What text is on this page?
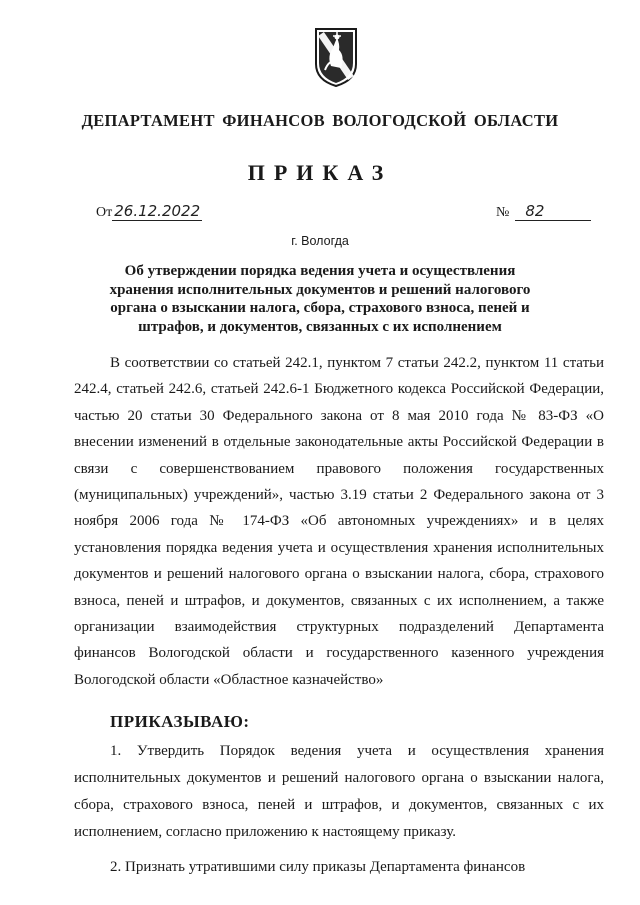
ДЕПАРТАМЕНТ ФИНАНСОВ ВОЛОГОДСКОЙ ОБЛАСТИ
ПРИКАЗ
От 26.12.2022	№	82
г. Вологда
Об утверждении порядка ведения учета и осуществления хранения исполнительных документов и решений налогового органа о взыскании налога, сбора, страхового взноса, пеней и штрафов, и документов, связанных с их исполнением

В соответствии со статьей 242.1, пунктом 7 статьи 242.2, пунктом 11 статьи 242.4, статьей 242.6, статьей 242.6-1 Бюджетного кодекса Российской Федерации, частью 20 статьи 30 Федерального закона от 8 мая 2010 года № 83-ФЗ «О внесении изменений в отдельные законодательные акты Российской Федерации в связи с совершенствованием правового положения государственных (муниципальных) учреждений», частью 3.19 статьи 2 Федерального закона от 3 ноября 2006 года № 174-ФЗ «Об автономных учреждениях» и в целях установления порядка ведения учета и осуществления хранения исполнительных документов и решений налогового органа о взыскании налога, сбора, страхового взноса, пеней и штрафов, и документов, связанных с их исполнением, а также организации взаимодействия структурных подразделений Департамента финансов Вологодской области и государственного казенного учреждения Вологодской области «Областное казначейство»

ПРИКАЗЫВАЮ:

1. Утвердить Порядок ведения учета и осуществления хранения исполнительных документов и решений налогового органа о взыскании налога, сбора, страхового взноса, пеней и штрафов, и документов, связанных с их исполнением, согласно приложению к настоящему приказу.

2. Признать утратившими силу приказы Департамента финансов
